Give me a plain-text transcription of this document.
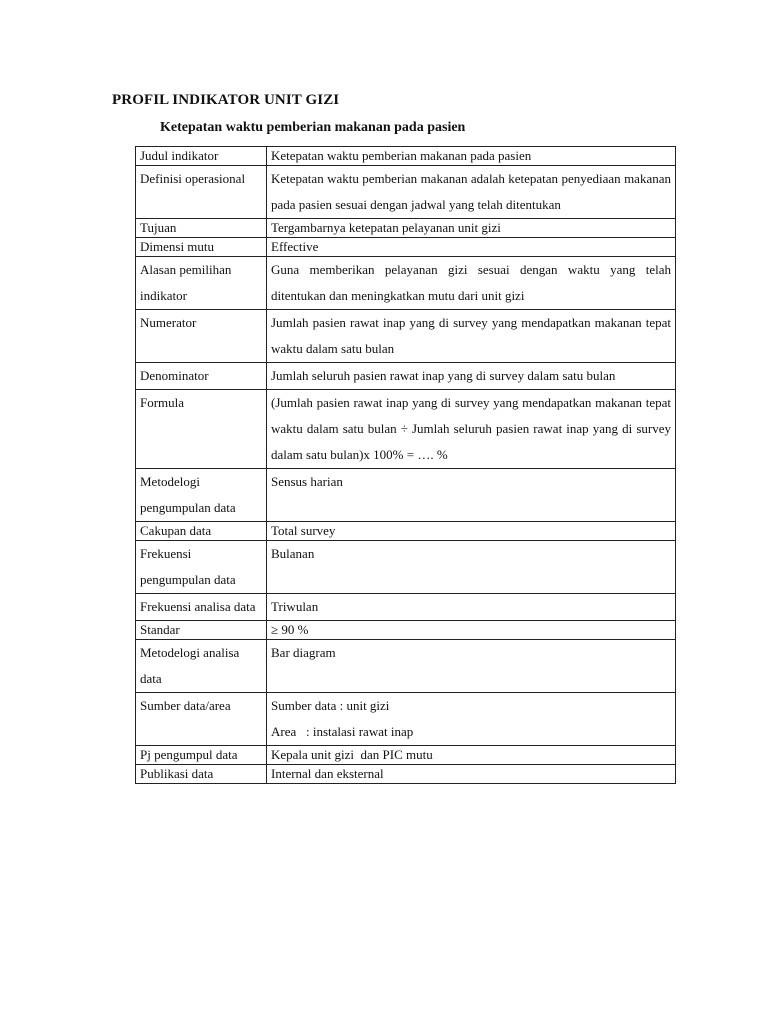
PROFIL INDIKATOR UNIT GIZI
Ketepatan waktu pemberian makanan pada pasien
Judul indikator	Ketepatan waktu pemberian makanan pada pasien
Definisi operasional	Ketepatan waktu pemberian makanan adalah ketepatan penyediaan makanan pada pasien sesuai dengan jadwal yang telah ditentukan
Tujuan	Tergambarnya ketepatan pelayanan unit gizi
Dimensi mutu	Effective
Alasan pemilihan indikator	Guna memberikan pelayanan gizi sesuai dengan waktu yang telah ditentukan dan meningkatkan mutu dari unit gizi
Numerator	Jumlah pasien rawat inap yang di survey yang mendapatkan makanan tepat waktu dalam satu bulan
Denominator	Jumlah seluruh pasien rawat inap yang di survey dalam satu bulan
Formula	(Jumlah pasien rawat inap yang di survey yang mendapatkan makanan tepat waktu dalam satu bulan ÷ Jumlah seluruh pasien rawat inap yang di survey dalam satu bulan)x 100% = …. %
Metodelogi pengumpulan data	Sensus harian
Cakupan data	Total survey
Frekuensi pengumpulan data	Bulanan
Frekuensi analisa data	Triwulan
Standar	≥ 90 %
Metodelogi analisa data	Bar diagram
Sumber data/area	Sumber data : unit gizi
Area   : instalasi rawat inap

Pj pengumpul data	Kepala unit gizi  dan PIC mutu
Publikasi data	Internal dan eksternal
